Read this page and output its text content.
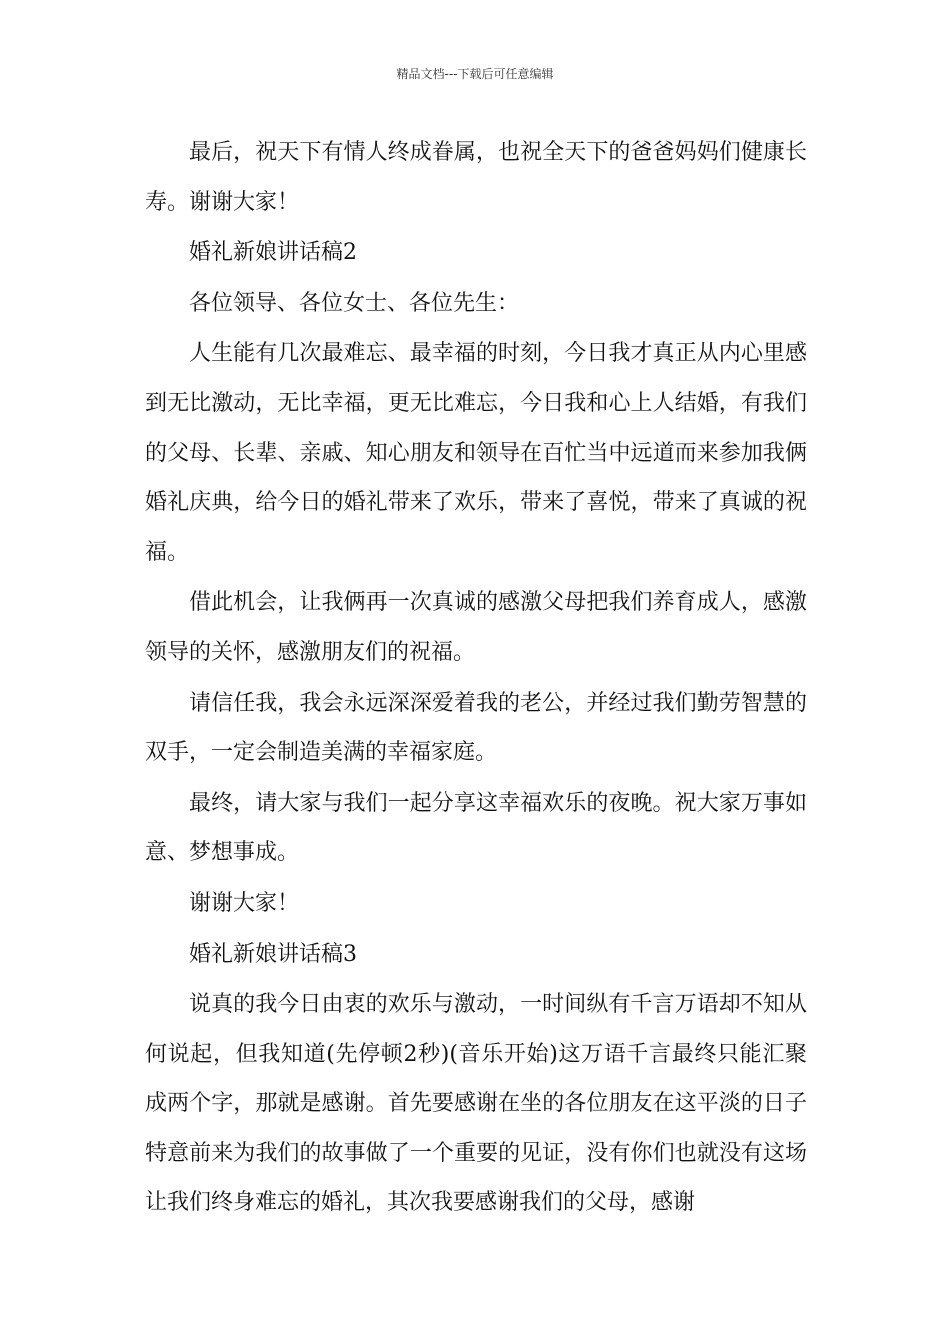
精品文档---下载后可任意编辑

最后，祝天下有情人终成眷属，也祝全天下的爸爸妈妈们健康长寿。谢谢大家！

婚礼新娘讲话稿2

各位领导、各位女士、各位先生：

人生能有几次最难忘、最幸福的时刻，今日我才真正从内心里感到无比激动，无比幸福，更无比难忘，今日我和心上人结婚，有我们的父母、长辈、亲戚、知心朋友和领导在百忙当中远道而来参加我俩婚礼庆典，给今日的婚礼带来了欢乐，带来了喜悦，带来了真诚的祝福。

借此机会，让我俩再一次真诚的感激父母把我们养育成人，感激领导的关怀，感激朋友们的祝福。

请信任我，我会永远深深爱着我的老公，并经过我们勤劳智慧的双手，一定会制造美满的幸福家庭。

最终，请大家与我们一起分享这幸福欢乐的夜晚。祝大家万事如意、梦想事成。

谢谢大家！

婚礼新娘讲话稿3

说真的我今日由衷的欢乐与激动，一时间纵有千言万语却不知从何说起，但我知道(先停顿2秒)(音乐开始)这万语千言最终只能汇聚成两个字，那就是感谢。首先要感谢在坐的各位朋友在这平淡的日子特意前来为我们的故事做了一个重要的见证，没有你们也就没有这场让我们终身难忘的婚礼，其次我要感谢我们的父母，感谢
